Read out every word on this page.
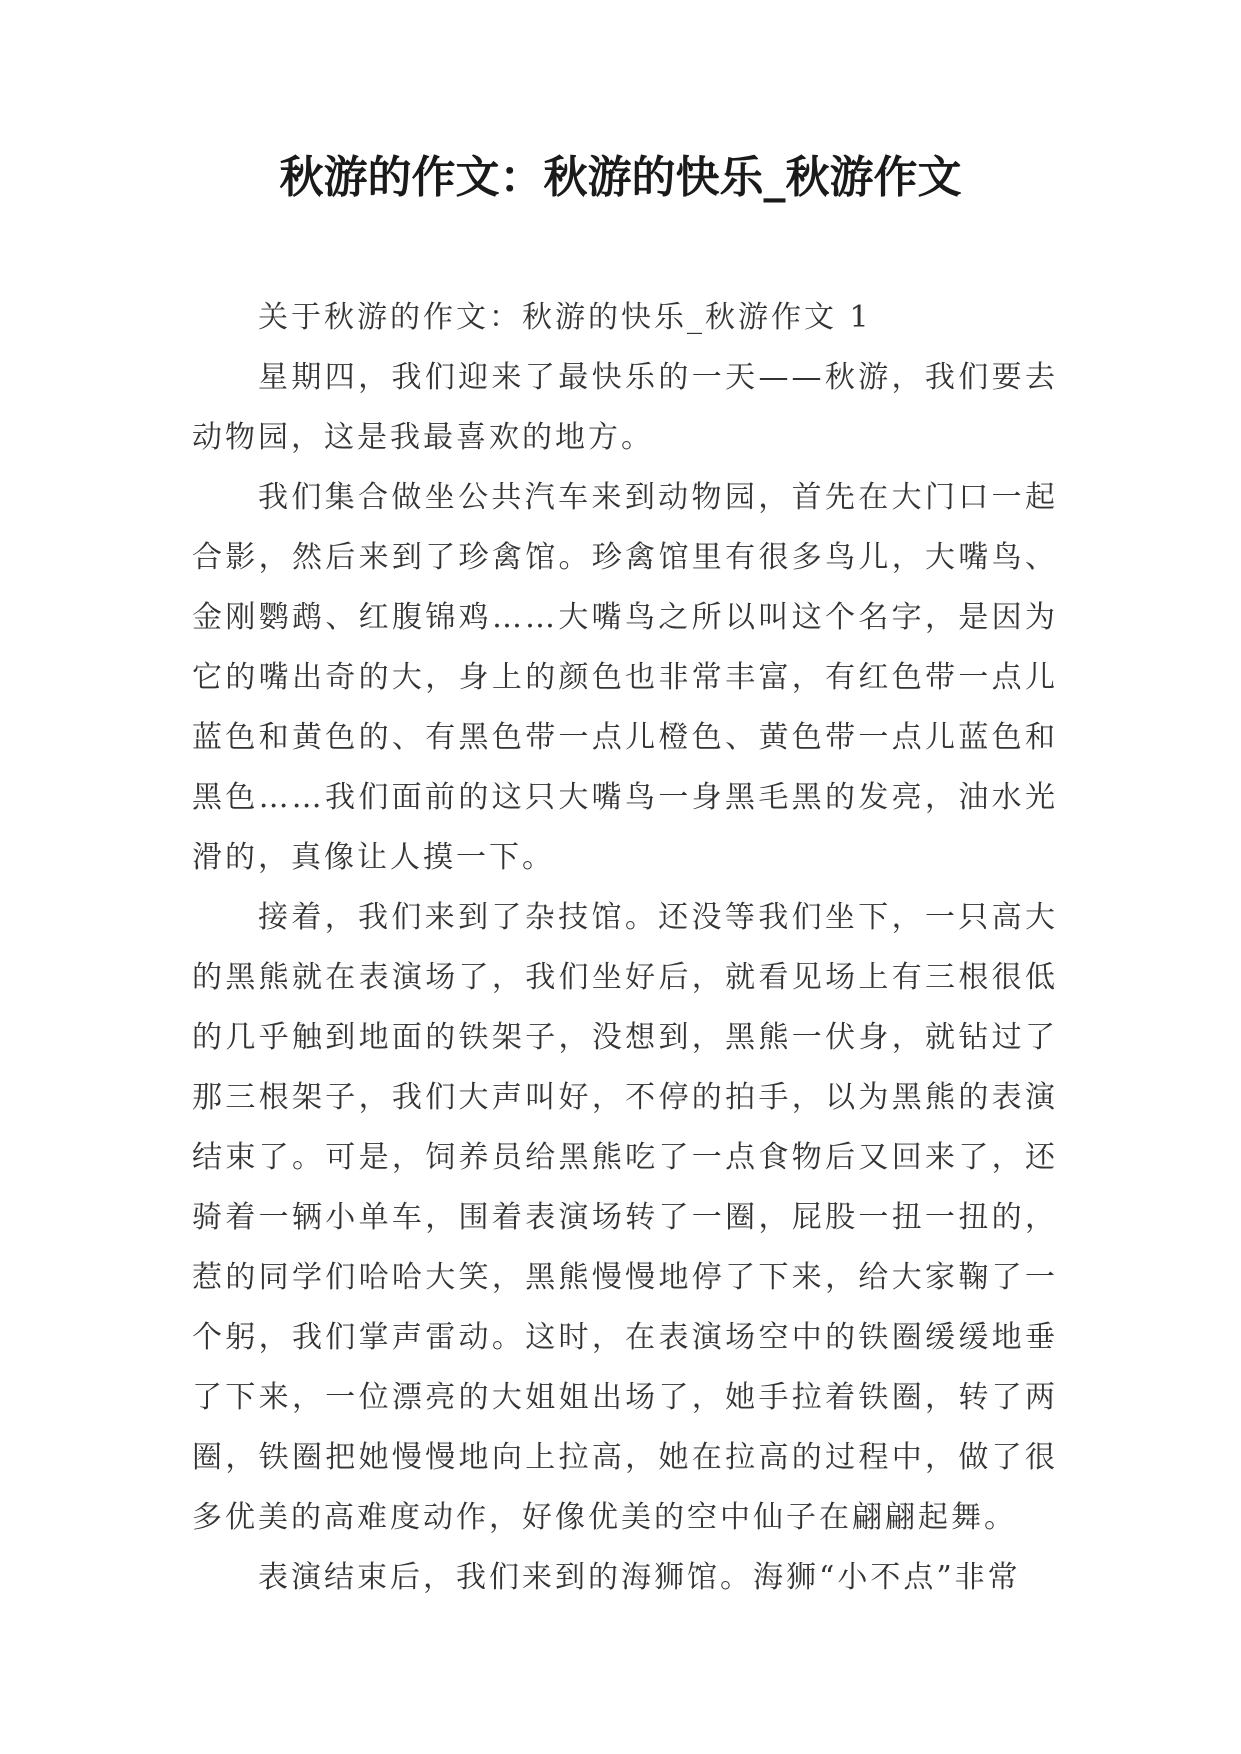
秋游的作文：秋游的快乐_秋游作文

关于秋游的作文：秋游的快乐_秋游作文 1

星期四，我们迎来了最快乐的一天——秋游，我们要去动物园，这是我最喜欢的地方。

我们集合做坐公共汽车来到动物园，首先在大门口一起合影，然后来到了珍禽馆。珍禽馆里有很多鸟儿，大嘴鸟、金刚鹦鹉、红腹锦鸡……大嘴鸟之所以叫这个名字，是因为它的嘴出奇的大，身上的颜色也非常丰富，有红色带一点儿蓝色和黄色的、有黑色带一点儿橙色、黄色带一点儿蓝色和黑色……我们面前的这只大嘴鸟一身黑毛黑的发亮，油水光滑的，真像让人摸一下。

接着，我们来到了杂技馆。还没等我们坐下，一只高大的黑熊就在表演场了，我们坐好后，就看见场上有三根很低的几乎触到地面的铁架子，没想到，黑熊一伏身，就钻过了那三根架子，我们大声叫好，不停的拍手，以为黑熊的表演结束了。可是，饲养员给黑熊吃了一点食物后又回来了，还骑着一辆小单车，围着表演场转了一圈，屁股一扭一扭的，惹的同学们哈哈大笑，黑熊慢慢地停了下来，给大家鞠了一个躬，我们掌声雷动。这时，在表演场空中的铁圈缓缓地垂了下来，一位漂亮的大姐姐出场了，她手拉着铁圈，转了两圈，铁圈把她慢慢地向上拉高，她在拉高的过程中，做了很多优美的高难度动作，好像优美的空中仙子在翩翩起舞。

表演结束后，我们来到的海狮馆。海狮“小不点”非常
